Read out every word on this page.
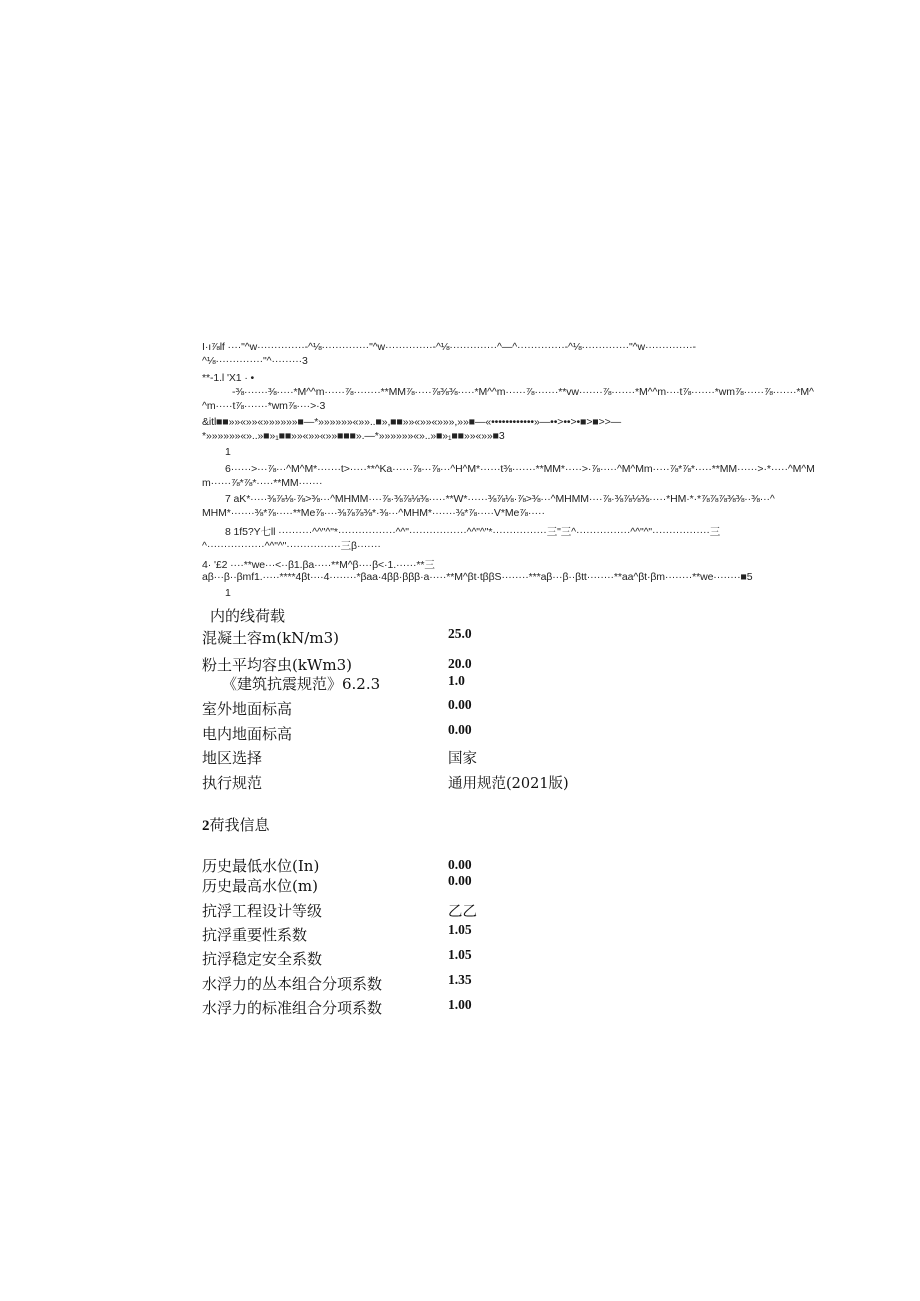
I·ı⅞lf ····"^w··············-^⅛··············"^w··············-^⅛··············^—^··············-^⅛··············"^w··············-
^⅛··············"^·········3
**-1.l 'X1 · •
-⅜·······⅜·····*M^^m······⅞········**MM⅞·····⅞⅜⅜·····*M^^m······⅞·······**vw·······⅞·······*M^^m····t⅞·······*wm⅞······⅞·······*M^
^m·····t⅞·······*wm⅞····>·3
&itl■■»»«»»«»»»»»»■—*»»»»»»«»»..■»,■■»»«»»«»»»,»»■—«••••••••••••»—••>••>•■>■>>—
*»»»»»»«»..»■»₁■■»»«»»«»»■■■».—*»»»»»»«»..»■»₁■■»»«»»■3
1
6······>···⅞···^M^M*·······t>·····**^Ka······⅞···⅞···^H^M*······t⅜·······**MM*·····>·⅞·····^M^Mm·····⅞*⅞*·····**MM······>·*·····^M^M
m······⅞*⅞*·····**MM·······
7 aK*·····⅜⅞⅛·⅞>⅜···^MHMM····⅞·⅜⅞⅛⅜·····**W*······⅜⅞⅛·⅞>⅜···^MHMM····⅞·⅜⅞⅛⅜·····*HM·*·*⅞⅞⅞⅜⅜··⅜···^
MHM*·······⅜*⅞·····**Me⅞····⅜⅞⅞⅜*·⅜···^MHM*·······⅜*⅞·····V*Me⅞·····
8 1f5?Y七ll ··········^^"^"*·················^^"·················^^"^"*················三"三^················^^"^"·················三
^·················^^"^"················三β·······
4· '£2 ····**we···<··β1.βa·····**M^β····β<·1.······**三
aβ···β··βmf1.·····****4βt····4········*βaa·4ββ·βββ·a·····**M^βt·tββS········***aβ···β··βtt········**aa^βt·βm········**we········■5
1
内的线荷载
混凝土容m(kN/m3)	25.0
粉土平均容虫(kWm3)	20.0
《建筑抗震规范》6.2.3	1.0
室外地面标高	0.00
电内地面标高	0.00
地区选择	国家
执行规范	通用规范(2021版)
2荷我信息
历史最低水位(In)	0.00
历史最高水位(m)	0.00
抗浮工程设计等级	乙乙
抗浮重要性系数	1.05
抗浮稳定安全系数	1.05
水浮力的丛本组合分项系数	1.35
水浮力的标准组合分项系数	1.00
